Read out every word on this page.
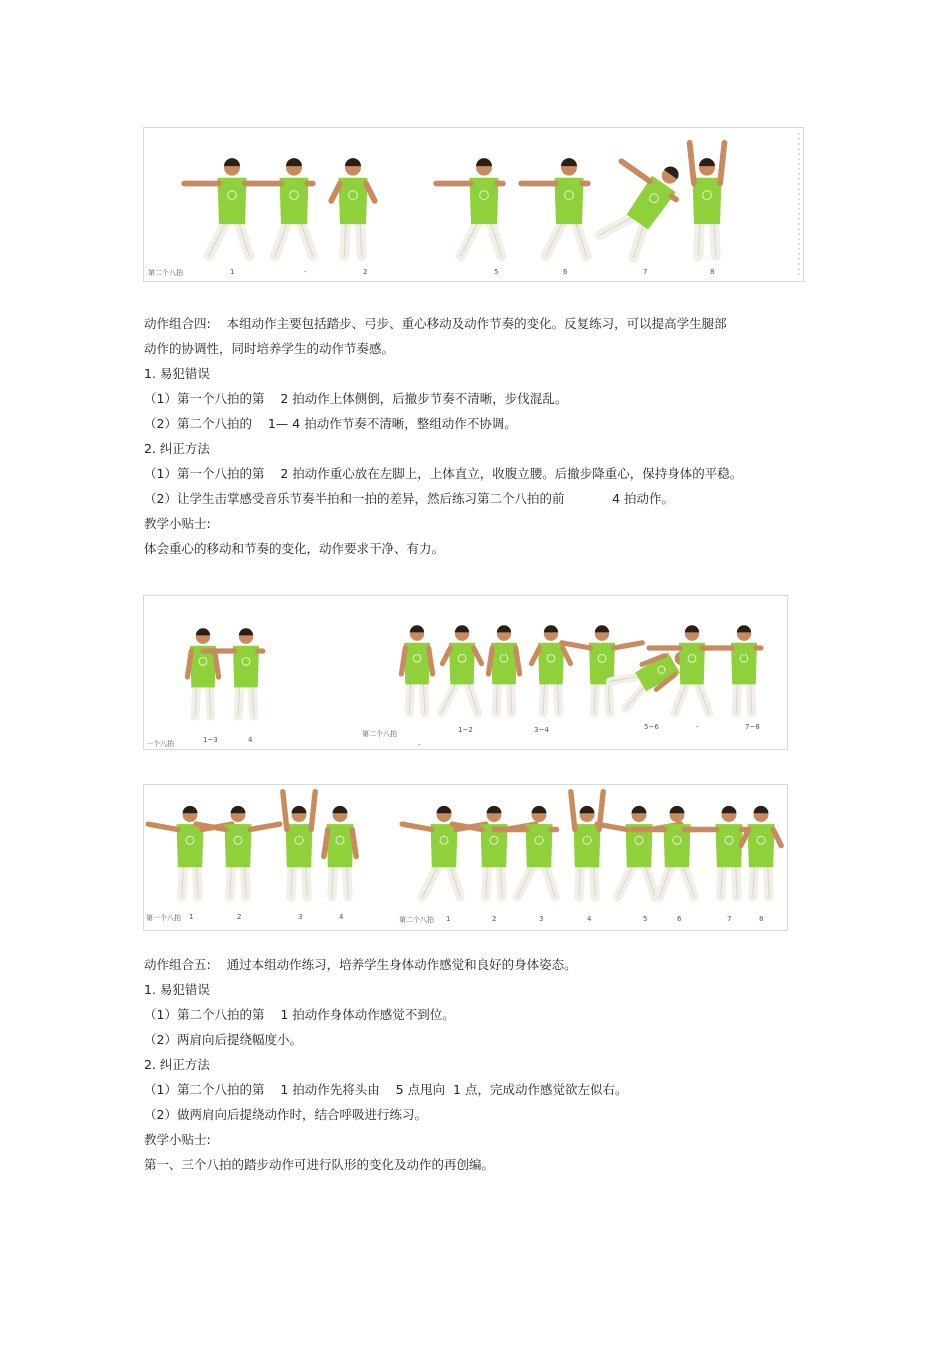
第二个八拍	1	-	2	5	6	7	8
动作组合四:    本组动作主要包括踏步、弓步、重心移动及动作节奏的变化。反复练习，可以提高学生腿部
动作的协调性，同时培养学生的动作节奏感。
1. 易犯错误
（1）第一个八拍的第    2 拍动作上体侧倒，后撤步节奏不清晰，步伐混乱。
（2）第二个八拍的    1— 4 拍动作节奏不清晰，整组动作不协调。
2. 纠正方法
（1）第一个八拍的第    2 拍动作重心放在左脚上，上体直立，收腹立腰。后撤步降重心，保持身体的平稳。
（2）让学生击掌感受音乐节奏半拍和一拍的差异，然后练习第二个八拍的前            4 拍动作。
教学小贴士:
体会重心的移动和节奏的变化，动作要求干净、有力。
一个八拍	1~3	4
第二个八拍
-
1~2	3~4	5~6	-	7~8
第一个八拍 1	2	3	4	第二个八拍 1	2	3	4	5	6	7	8
动作组合五:    通过本组动作练习，培养学生身体动作感觉和良好的身体姿态。
1. 易犯错误
（1）第二个八拍的第    1 拍动作身体动作感觉不到位。
（2）两肩向后提绕幅度小。
2. 纠正方法
（1）第二个八拍的第    1 拍动作先将头由    5 点甩向  1 点，完成动作感觉欲左似右。
（2）做两肩向后提绕动作时，结合呼吸进行练习。
教学小贴士:
第一、三个八拍的踏步动作可进行队形的变化及动作的再创编。
